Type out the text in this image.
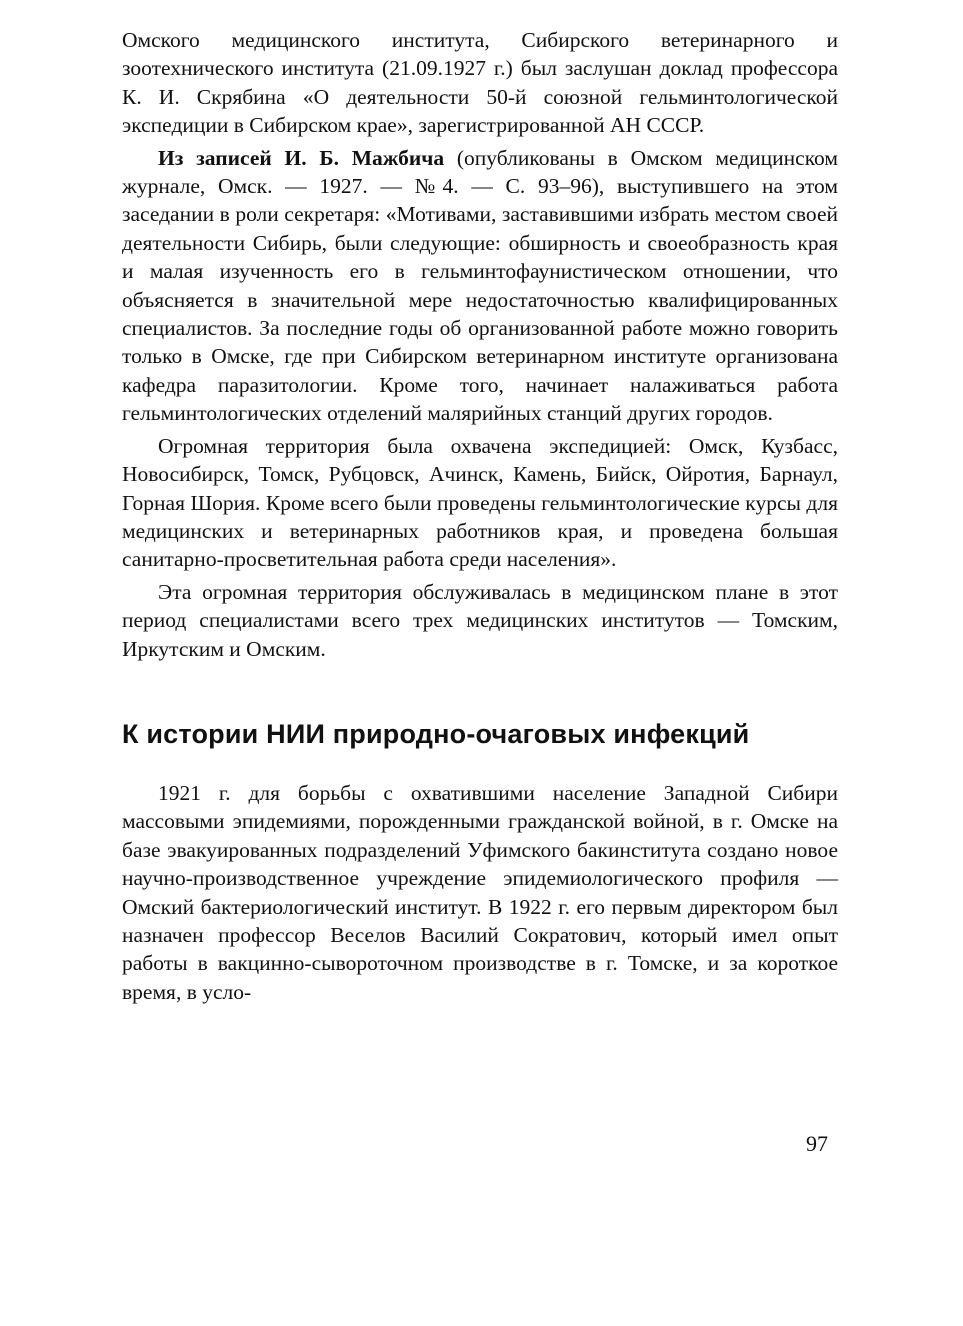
Омского медицинского института, Сибирского ветеринарного и зоотехнического института (21.09.1927 г.) был заслушан доклад профессора К. И. Скрябина «О деятельности 50-й союзной гельминтологической экспедиции в Сибирском крае», зарегистрированной АН СССР.

Из записей И. Б. Мажбича (опубликованы в Омском медицинском журнале, Омск. — 1927. — №4. — С. 93–96), выступившего на этом заседании в роли секретаря: «Мотивами, заставившими избрать местом своей деятельности Сибирь, были следующие: обширность и своеобразность края и малая изученность его в гельминтофаунистическом отношении, что объясняется в значительной мере недостаточностью квалифицированных специалистов. За последние годы об организованной работе можно говорить только в Омске, где при Сибирском ветеринарном институте организована кафедра паразитологии. Кроме того, начинает налаживаться работа гельминтологических отделений малярийных станций других городов.

Огромная территория была охвачена экспедицией: Омск, Кузбасс, Новосибирск, Томск, Рубцовск, Ачинск, Камень, Бийск, Ойротия, Барнаул, Горная Шория. Кроме всего были проведены гельминтологические курсы для медицинских и ветеринарных работников края, и проведена большая санитарно-просветительная работа среди населения».

Эта огромная территория обслуживалась в медицинском плане в этот период специалистами всего трех медицинских институтов — Томским, Иркутским и Омским.

К истории НИИ природно-очаговых инфекций

1921 г. для борьбы с охватившими население Западной Сибири массовыми эпидемиями, порожденными гражданской войной, в г. Омске на базе эвакуированных подразделений Уфимского бакинститута создано новое научно-производственное учреждение эпидемиологического профиля — Омский бактериологический институт. В 1922 г. его первым директором был назначен профессор Веселов Василий Сократович, который имел опыт работы в вакцинно-сывороточном производстве в г. Томске, и за короткое время, в усло-

97
